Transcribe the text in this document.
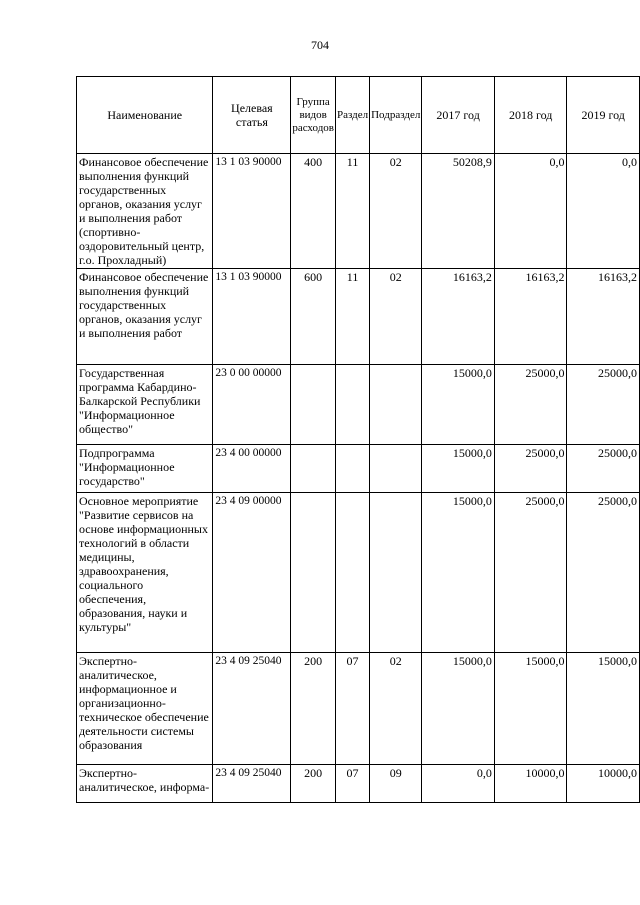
704
Наименование	Целевая статья	Группа видов расходов	Раздел	Подраздел	2017 год	2018 год	2019 год
Финансовое обеспечение выполнения функций государственных органов, оказания услуг и выполнения работ (спортивно-оздоровительный центр, г.о. Прохладный)	13 1 03 90000	400	11	02	50208,9	0,0	0,0
Финансовое обеспечение выполнения функций государственных органов, оказания услуг и выполнения работ	13 1 03 90000	600	11	02	16163,2	16163,2	16163,2
Государственная программа Кабардино-Балкарской Республики "Информационное общество"	23 0 00 00000				15000,0	25000,0	25000,0
Подпрограмма "Информационное государство"	23 4 00 00000				15000,0	25000,0	25000,0
Основное мероприятие "Развитие сервисов на основе информационных технологий в области медицины, здравоохранения, социального обеспечения, образования, науки и культуры"	23 4 09 00000				15000,0	25000,0	25000,0
Экспертно-аналитическое, информационное и организационно-техническое обеспечение деятельности системы образования	23 4 09 25040	200	07	02	15000,0	15000,0	15000,0
Экспертно-аналитическое, информа-	23 4 09 25040	200	07	09	0,0	10000,0	10000,0
